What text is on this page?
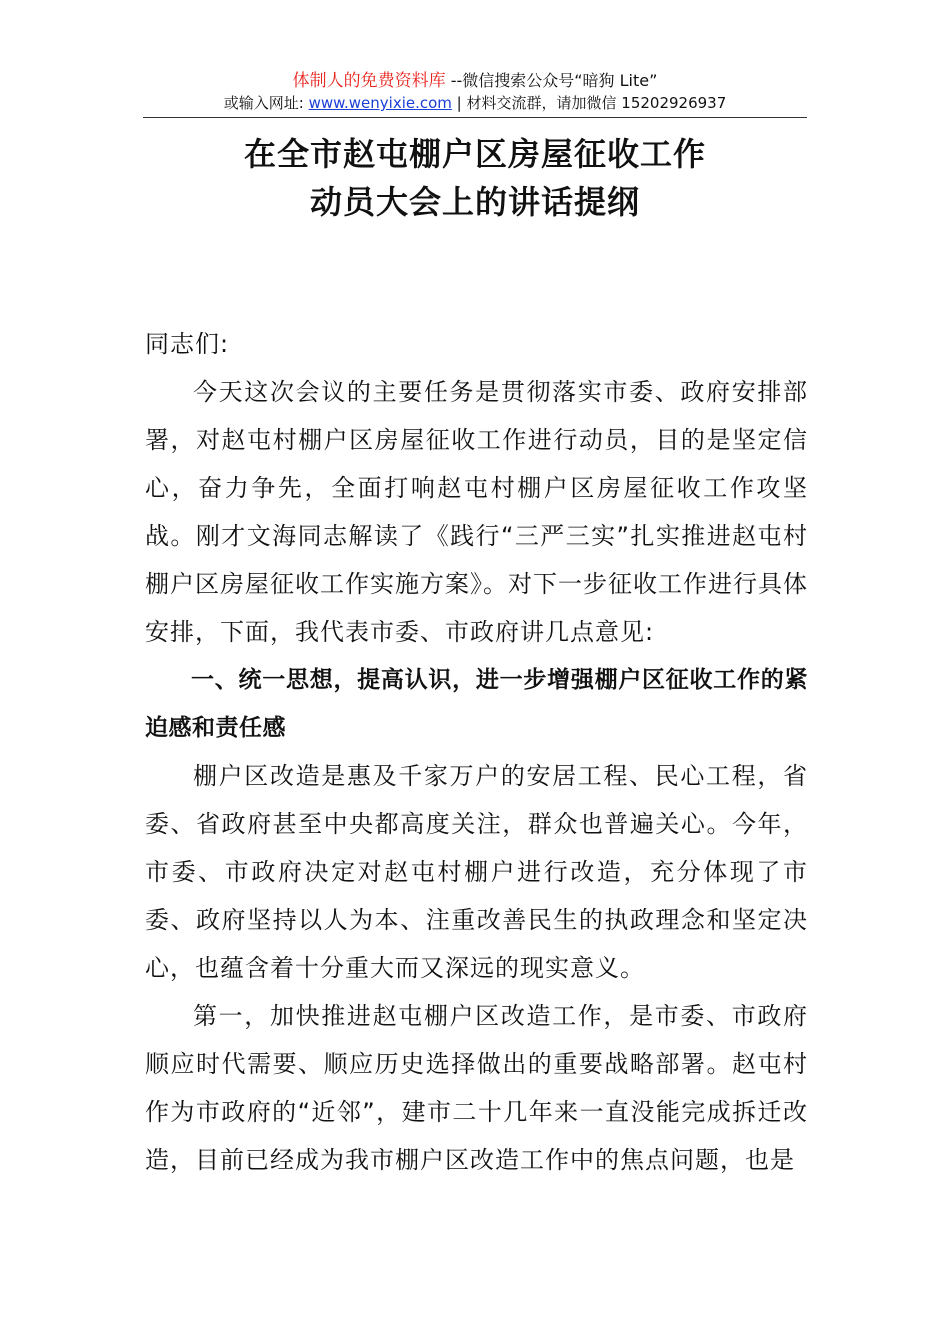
体制人的免费资料库 --微信搜索公众号“暗狗 Lite”
或输入网址: www.wenyixie.com | 材料交流群，请加微信 15202926937
在全市赵屯棚户区房屋征收工作
动员大会上的讲话提纲

同志们:

今天这次会议的主要任务是贯彻落实市委、政府安排部署，对赵屯村棚户区房屋征收工作进行动员，目的是坚定信心，奋力争先，全面打响赵屯村棚户区房屋征收工作攻坚战。刚才文海同志解读了《践行“三严三实”扎实推进赵屯村棚户区房屋征收工作实施方案》。对下一步征收工作进行具体安排，下面，我代表市委、市政府讲几点意见:

一、统一思想，提高认识，进一步增强棚户区征收工作的紧迫感和责任感

棚户区改造是惠及千家万户的安居工程、民心工程，省委、省政府甚至中央都高度关注，群众也普遍关心。今年，市委、市政府决定对赵屯村棚户进行改造，充分体现了市委、政府坚持以人为本、注重改善民生的执政理念和坚定决心，也蕴含着十分重大而又深远的现实意义。

第一，加快推进赵屯棚户区改造工作，是市委、市政府顺应时代需要、顺应历史选择做出的重要战略部署。赵屯村作为市政府的“近邻”，建市二十几年来一直没能完成拆迁改造，目前已经成为我市棚户区改造工作中的焦点问题，也是
